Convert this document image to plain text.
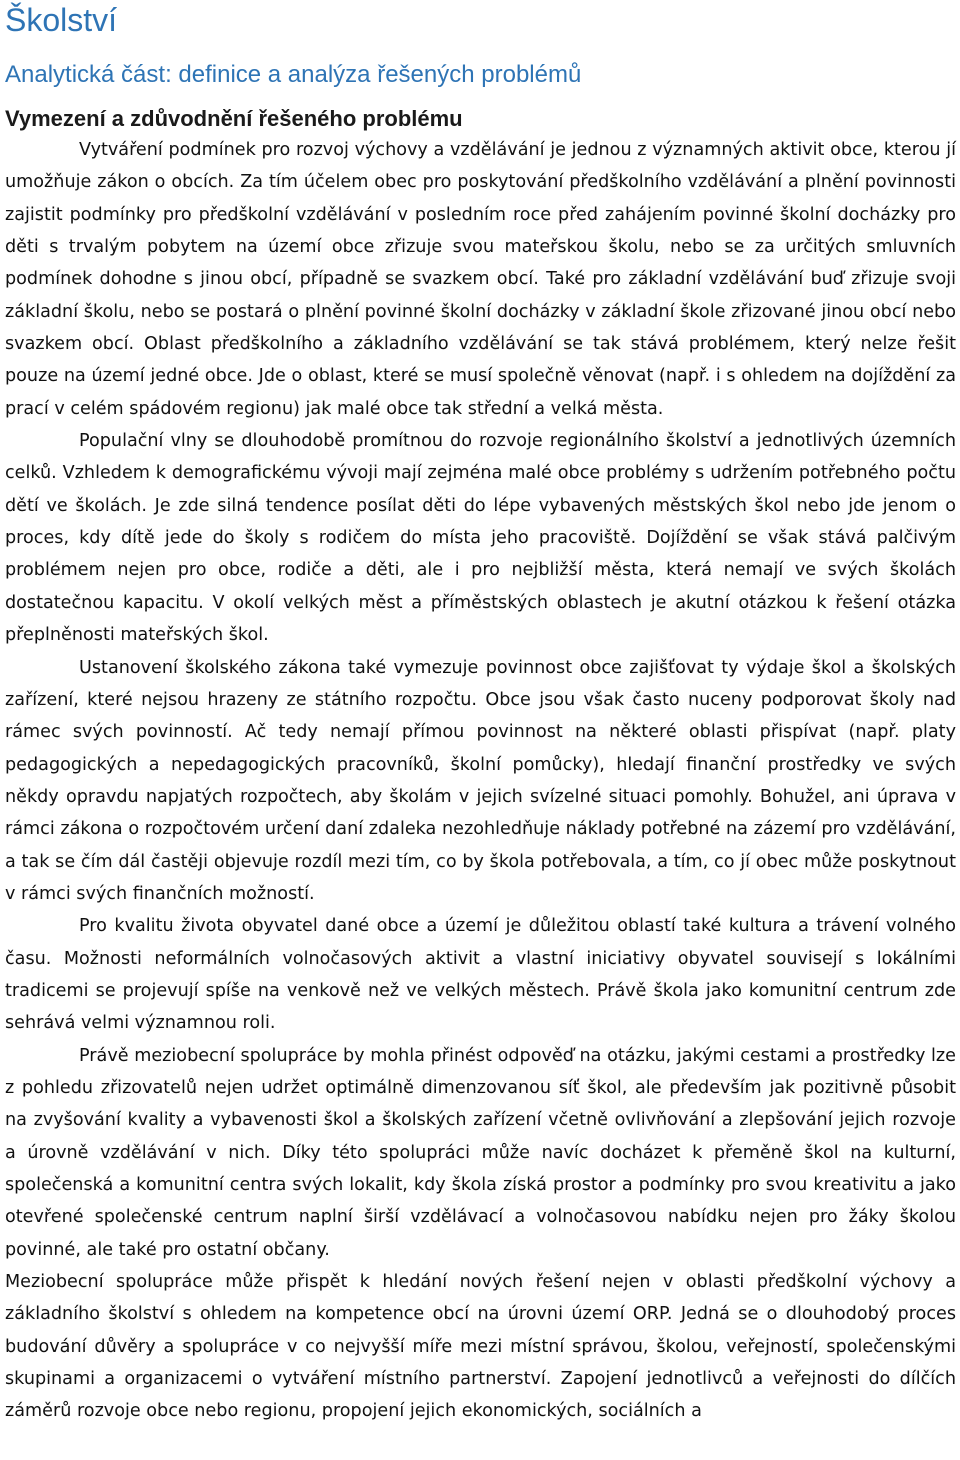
Školství
Analytická část: definice a analýza řešených problémů
Vymezení a zdůvodnění řešeného problému

Vytváření podmínek pro rozvoj výchovy a vzdělávání je jednou z významných aktivit obce, kterou jí umožňuje zákon o obcích. Za tím účelem obec pro poskytování předškolního vzdělávání a plnění povinnosti zajistit podmínky pro předškolní vzdělávání v posledním roce před zahájením povinné školní docházky pro děti s trvalým pobytem na území obce zřizuje svou mateřskou školu, nebo se za určitých smluvních podmínek dohodne s jinou obcí, případně se svazkem obcí. Také pro základní vzdělávání buď zřizuje svoji základní školu, nebo se postará o plnění povinné školní docházky v základní škole zřizované jinou obcí nebo svazkem obcí. Oblast předškolního a základního vzdělávání se tak stává problémem, který nelze řešit pouze na území jedné obce. Jde o oblast, které se musí společně věnovat (např. i s ohledem na dojíždění za prací v celém spádovém regionu) jak malé obce tak střední a velká města.

Populační vlny se dlouhodobě promítnou do rozvoje regionálního školství a jednotlivých územních celků. Vzhledem k demografickému vývoji mají zejména malé obce problémy s udržením potřebného počtu dětí ve školách. Je zde silná tendence posílat děti do lépe vybavených městských škol nebo jde jenom o proces, kdy dítě jede do školy s rodičem do místa jeho pracoviště. Dojíždění se však stává palčivým problémem nejen pro obce, rodiče a děti, ale i pro nejbližší města, která nemají ve svých školách dostatečnou kapacitu. V okolí velkých měst a příměstských oblastech je akutní otázkou k řešení otázka přeplněnosti mateřských škol.

Ustanovení školského zákona také vymezuje povinnost obce zajišťovat ty výdaje škol a školských zařízení, které nejsou hrazeny ze státního rozpočtu. Obce jsou však často nuceny podporovat školy nad rámec svých povinností. Ač tedy nemají přímou povinnost na některé oblasti přispívat (např. platy pedagogických a nepedagogických pracovníků, školní pomůcky), hledají finanční prostředky ve svých někdy opravdu napjatých rozpočtech, aby školám v jejich svízelné situaci pomohly. Bohužel, ani úprava v rámci zákona o rozpočtovém určení daní zdaleka nezohledňuje náklady potřebné na zázemí pro vzdělávání, a tak se čím dál častěji objevuje rozdíl mezi tím, co by škola potřebovala, a tím, co jí obec může poskytnout v rámci svých finančních možností.

Pro kvalitu života obyvatel dané obce a území je důležitou oblastí také kultura a trávení volného času. Možnosti neformálních volnočasových aktivit a vlastní iniciativy obyvatel souvisejí s lokálními tradicemi se projevují spíše na venkově než ve velkých městech. Právě škola jako komunitní centrum zde sehrává velmi významnou roli.

Právě meziobecní spolupráce by mohla přinést odpověď na otázku, jakými cestami a prostředky lze z pohledu zřizovatelů nejen udržet optimálně dimenzovanou síť škol, ale především jak pozitivně působit na zvyšování kvality a vybavenosti škol a školských zařízení včetně ovlivňování a zlepšování jejich rozvoje a úrovně vzdělávání v nich. Díky této spolupráci může navíc docházet k přeměně škol na kulturní, společenská a komunitní centra svých lokalit, kdy škola získá prostor a podmínky pro svou kreativitu a jako otevřené společenské centrum naplní širší vzdělávací a volnočasovou nabídku nejen pro žáky školou povinné, ale také pro ostatní občany.

Meziobecní spolupráce může přispět k hledání nových řešení nejen v oblasti předškolní výchovy a základního školství s ohledem na kompetence obcí na úrovni území ORP. Jedná se o dlouhodobý proces budování důvěry a spolupráce v co nejvyšší míře mezi místní správou, školou, veřejností, společenskými skupinami a organizacemi o vytváření místního partnerství. Zapojení jednotlivců a veřejnosti do dílčích záměrů rozvoje obce nebo regionu, propojení jejich ekonomických, sociálních a
